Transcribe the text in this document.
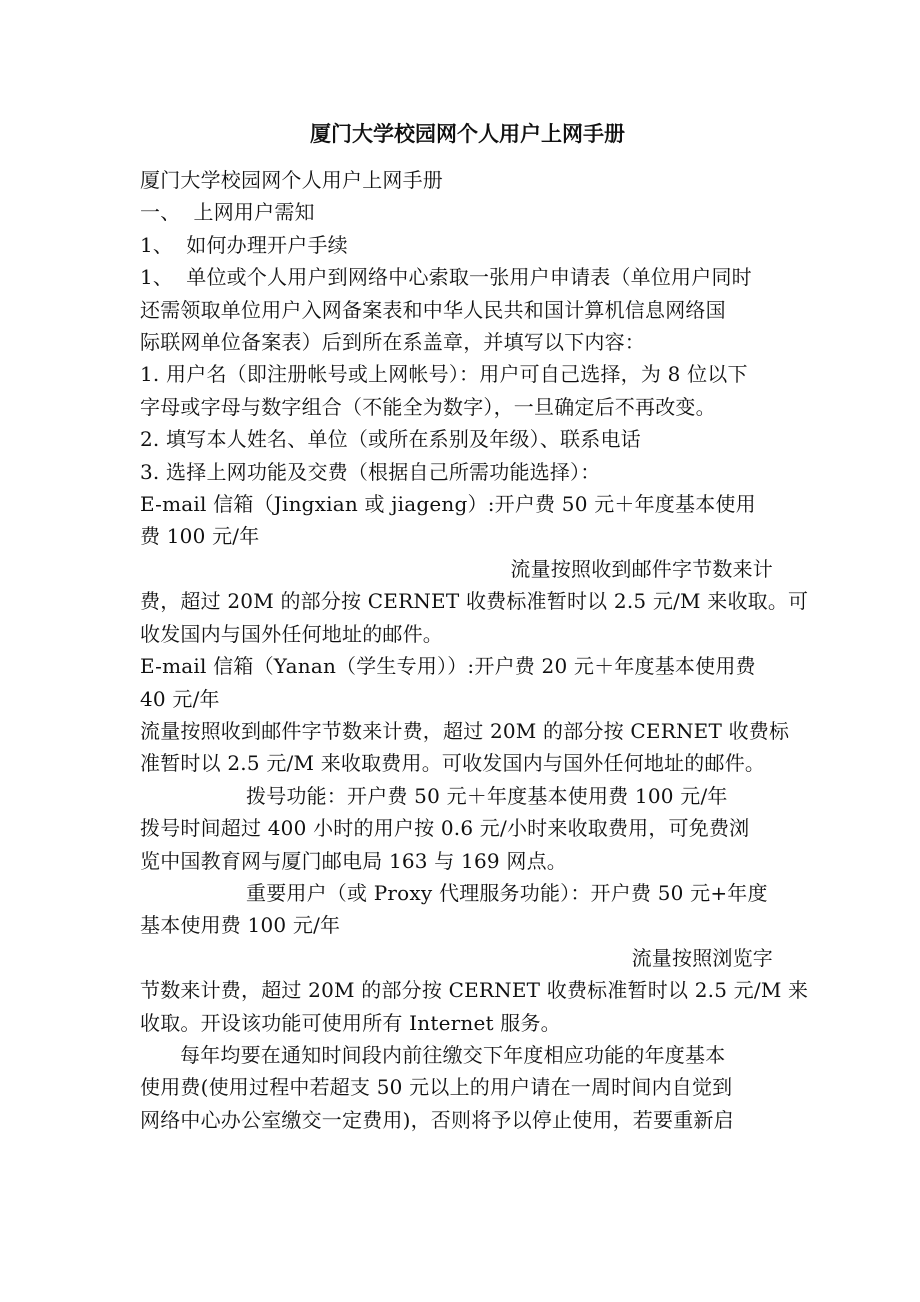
厦门大学校园网个人用户上网手册

厦门大学校园网个人用户上网手册

一、  上网用户需知

1、  如何办理开户手续

1、  单位或个人用户到网络中心索取一张用户申请表（单位用户同时

还需领取单位用户入网备案表和中华人民共和国计算机信息网络国

际联网单位备案表）后到所在系盖章，并填写以下内容：

1. 用户名（即注册帐号或上网帐号）：用户可自己选择，为 8 位以下

字母或字母与数字组合（不能全为数字），一旦确定后不再改变。

2. 填写本人姓名、单位（或所在系别及年级）、联系电话

3. 选择上网功能及交费（根据自己所需功能选择）：

E-mail 信箱（Jingxian 或 jiageng）:开户费 50 元＋年度基本使用

费 100 元/年

流量按照收到邮件字节数来计

费，超过 20M 的部分按 CERNET 收费标准暂时以 2.5 元/M 来收取。可

收发国内与国外任何地址的邮件。

E-mail 信箱（Yanan（学生专用））:开户费 20 元＋年度基本使用费

40 元/年

流量按照收到邮件字节数来计费，超过 20M 的部分按 CERNET 收费标

准暂时以 2.5 元/M 来收取费用。可收发国内与国外任何地址的邮件。

拨号功能：开户费 50 元＋年度基本使用费 100 元/年

拨号时间超过 400 小时的用户按 0.6 元/小时来收取费用，可免费浏

览中国教育网与厦门邮电局 163 与 169 网点。

重要用户（或 Proxy 代理服务功能）：开户费 50 元+年度

基本使用费 100 元/年

流量按照浏览字

节数来计费，超过 20M 的部分按 CERNET 收费标准暂时以 2.5 元/M 来

收取。开设该功能可使用所有 Internet 服务。

每年均要在通知时间段内前往缴交下年度相应功能的年度基本

使用费(使用过程中若超支 50 元以上的用户请在一周时间内自觉到

网络中心办公室缴交一定费用)，否则将予以停止使用，若要重新启
